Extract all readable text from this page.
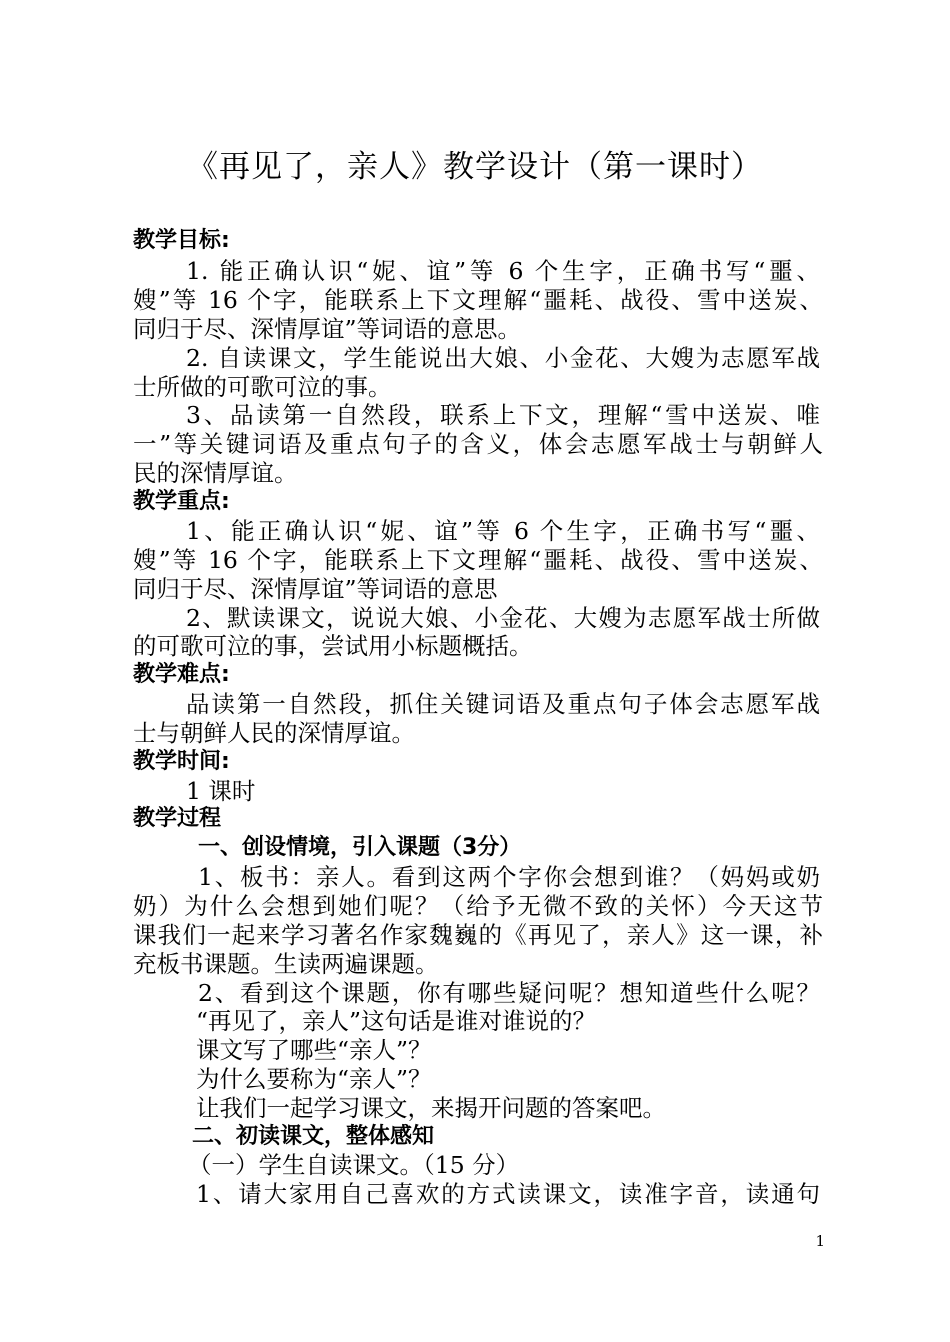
《再见了，亲人》教学设计（第一课时）
教学目标:
1. 能正确认识“妮、谊”等 6 个生字，正确书写“噩、
嫂”等 16 个字，能联系上下文理解“噩耗、战役、雪中送炭、
同归于尽、深情厚谊”等词语的意思。
2. 自读课文，学生能说出大娘、小金花、大嫂为志愿军战
士所做的可歌可泣的事。
3、品读第一自然段，联系上下文，理解“雪中送炭、唯
一”等关键词语及重点句子的含义，体会志愿军战士与朝鲜人
民的深情厚谊。
教学重点:
1、能正确认识“妮、谊”等 6 个生字，正确书写“噩、
嫂”等 16 个字，能联系上下文理解“噩耗、战役、雪中送炭、
同归于尽、深情厚谊”等词语的意思
2、默读课文，说说大娘、小金花、大嫂为志愿军战士所做
的可歌可泣的事，尝试用小标题概括。
教学难点:
品读第一自然段，抓住关键词语及重点句子体会志愿军战
士与朝鲜人民的深情厚谊。
教学时间:
1 课时
教学过程
一、创设情境，引入课题（3分）
1、板书：亲人。看到这两个字你会想到谁？（妈妈或奶
奶）为什么会想到她们呢？（给予无微不致的关怀）今天这节
课我们一起来学习著名作家魏巍的《再见了，亲人》这一课，补
充板书课题。生读两遍课题。
2、看到这个课题，你有哪些疑问呢？想知道些什么呢？
“再见了，亲人”这句话是谁对谁说的？
课文写了哪些“亲人”？
为什么要称为“亲人”？
让我们一起学习课文，来揭开问题的答案吧。
二、初读课文，整体感知
（一）学生自读课文。（15 分）
1、请大家用自己喜欢的方式读课文，读准字音，读通句
1
